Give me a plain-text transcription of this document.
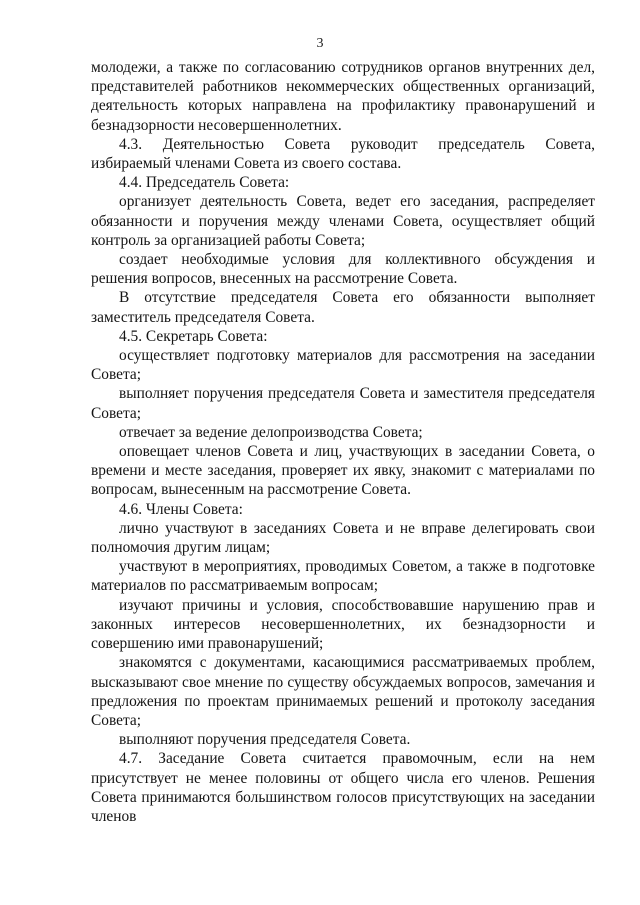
3

молодежи, а также по согласованию сотрудников органов внутренних дел, представителей работников некоммерческих общественных организаций, деятельность которых направлена на профилактику правонарушений и безнадзорности несовершеннолетних.

4.3. Деятельностью Совета руководит председатель Совета, избираемый членами Совета из своего состава.

4.4. Председатель Совета:

организует деятельность Совета, ведет его заседания, распределяет обязанности и поручения между членами Совета, осуществляет общий контроль за организацией работы Совета;

создает необходимые условия для коллективного обсуждения и решения вопросов, внесенных на рассмотрение Совета.

В отсутствие председателя Совета его обязанности выполняет заместитель председателя Совета.

4.5. Секретарь Совета:

осуществляет подготовку материалов для рассмотрения на заседании Совета;

выполняет поручения председателя Совета и заместителя председателя Совета;

отвечает за ведение делопроизводства Совета;

оповещает членов Совета и лиц, участвующих в заседании Совета, о времени и месте заседания, проверяет их явку, знакомит с материалами по вопросам, вынесенным на рассмотрение Совета.

4.6. Члены Совета:

лично участвуют в заседаниях Совета и не вправе делегировать свои полномочия другим лицам;

участвуют в мероприятиях, проводимых Советом, а также в подготовке материалов по рассматриваемым вопросам;

изучают причины и условия, способствовавшие нарушению прав и законных интересов несовершеннолетних, их безнадзорности и совершению ими правонарушений;

знакомятся с документами, касающимися рассматриваемых проблем, высказывают свое мнение по существу обсуждаемых вопросов, замечания и предложения по проектам принимаемых решений и протоколу заседания Совета;

выполняют поручения председателя Совета.

4.7. Заседание Совета считается правомочным, если на нем присутствует не менее половины от общего числа его членов. Решения Совета принимаются большинством голосов присутствующих на заседании членов
